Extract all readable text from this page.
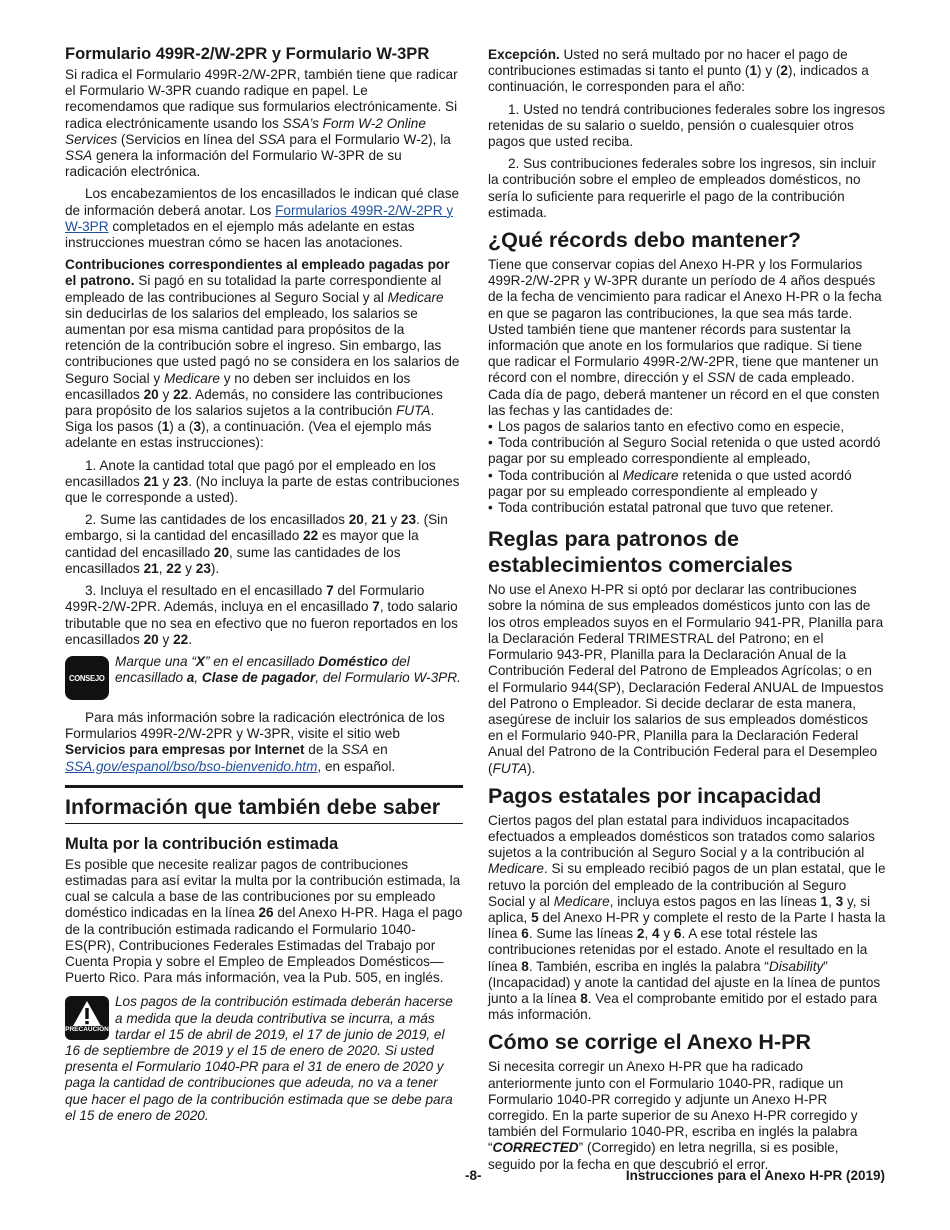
Formulario 499R-2/W-2PR y Formulario W-3PR

Si radica el Formulario 499R-2/W-2PR, también tiene que radicar el Formulario W-3PR cuando radique en papel. Le recomendamos que radique sus formularios electrónicamente. Si radica electrónicamente usando los SSA’s Form W-2 Online Services (Servicios en línea del SSA para el Formulario W-2), la SSA genera la información del Formulario W-3PR de su radicación electrónica.

Los encabezamientos de los encasillados le indican qué clase de información deberá anotar. Los Formularios 499R-2/W-2PR y W-3PR completados en el ejemplo más adelante en estas instrucciones muestran cómo se hacen las anotaciones.

Contribuciones correspondientes al empleado pagadas por el patrono. Si pagó en su totalidad la parte correspondiente al empleado de las contribuciones al Seguro Social y al Medicare sin deducirlas de los salarios del empleado, los salarios se aumentan por esa misma cantidad para propósitos de la retención de la contribución sobre el ingreso. Sin embargo, las contribuciones que usted pagó no se considera en los salarios de Seguro Social y Medicare y no deben ser incluidos en los encasillados 20 y 22. Además, no considere las contribuciones para propósito de los salarios sujetos a la contribución FUTA. Siga los pasos (1) a (3), a continuación. (Vea el ejemplo más adelante en estas instrucciones):

1. Anote la cantidad total que pagó por el empleado en los encasillados 21 y 23. (No incluya la parte de estas contribuciones que le corresponde a usted).

2. Sume las cantidades de los encasillados 20, 21 y 23. (Sin embargo, si la cantidad del encasillado 22 es mayor que la cantidad del encasillado 20, sume las cantidades de los encasillados 21, 22 y 23).

3. Incluya el resultado en el encasillado 7 del Formulario 499R-2/W-2PR. Además, incluya en el encasillado 7, todo salario tributable que no sea en efectivo que no fueron reportados en los encasillados 20 y 22.

CONSEJO
Marque una “X” en el encasillado Doméstico del encasillado a, Clase de pagador, del Formulario W-3PR.

Para más información sobre la radicación electrónica de los Formularios 499R-2/W-2PR y W-3PR, visite el sitio web Servicios para empresas por Internet de la SSA en SSA.gov/espanol/bso/bso-bienvenido.htm, en español.

Información que también debe saber
Multa por la contribución estimada

Es posible que necesite realizar pagos de contribuciones estimadas para así evitar la multa por la contribución estimada, la cual se calcula a base de las contribuciones por su empleado doméstico indicadas en la línea 26 del Anexo H-PR. Haga el pago de la contribución estimada radicando el Formulario 1040-ES(PR), Contribuciones Federales Estimadas del Trabajo por Cuenta Propia y sobre el Empleo de Empleados Domésticos—Puerto Rico. Para más información, vea la Pub. 505, en inglés.

PRECAUCIÓN
Los pagos de la contribución estimada deberán hacerse a medida que la deuda contributiva se incurra, a más tardar el 15 de abril de 2019, el 17 de junio de 2019, el 16 de septiembre de 2019 y el 15 de enero de 2020. Si usted presenta el Formulario 1040-PR para el 31 de enero de 2020 y paga la cantidad de contribuciones que adeuda, no va a tener que hacer el pago de la contribución estimada que se debe para el 15 de enero de 2020.

Excepción. Usted no será multado por no hacer el pago de contribuciones estimadas si tanto el punto (1) y (2), indicados a continuación, le corresponden para el año:

1. Usted no tendrá contribuciones federales sobre los ingresos retenidas de su salario o sueldo, pensión o cualesquier otros pagos que usted reciba.

2. Sus contribuciones federales sobre los ingresos, sin incluir la contribución sobre el empleo de empleados domésticos, no sería lo suficiente para requerirle el pago de la contribución estimada.

¿Qué récords debo mantener?

Tiene que conservar copias del Anexo H-PR y los Formularios 499R-2/W-2PR y W-3PR durante un período de 4 años después de la fecha de vencimiento para radicar el Anexo H-PR o la fecha en que se pagaron las contribuciones, la que sea más tarde. Usted también tiene que mantener récords para sustentar la información que anote en los formularios que radique. Si tiene que radicar el Formulario 499R-2/W-2PR, tiene que mantener un récord con el nombre, dirección y el SSN de cada empleado. Cada día de pago, deberá mantener un récord en el que consten las fechas y las cantidades de:

• Los pagos de salarios tanto en efectivo como en especie,
• Toda contribución al Seguro Social retenida o que usted acordó pagar por su empleado correspondiente al empleado,
• Toda contribución al Medicare retenida o que usted acordó pagar por su empleado correspondiente al empleado y
• Toda contribución estatal patronal que tuvo que retener.
Reglas para patronos de establecimientos comerciales

No use el Anexo H-PR si optó por declarar las contribuciones sobre la nómina de sus empleados domésticos junto con las de los otros empleados suyos en el Formulario 941-PR, Planilla para la Declaración Federal TRIMESTRAL del Patrono; en el Formulario 943-PR, Planilla para la Declaración Anual de la Contribución Federal del Patrono de Empleados Agrícolas; o en el Formulario 944(SP), Declaración Federal ANUAL de Impuestos del Patrono o Empleador. Si decide declarar de esta manera, asegúrese de incluir los salarios de sus empleados domésticos en el Formulario 940-PR, Planilla para la Declaración Federal Anual del Patrono de la Contribución Federal para el Desempleo (FUTA).

Pagos estatales por incapacidad

Ciertos pagos del plan estatal para individuos incapacitados efectuados a empleados domésticos son tratados como salarios sujetos a la contribución al Seguro Social y a la contribución al Medicare. Si su empleado recibió pagos de un plan estatal, que le retuvo la porción del empleado de la contribución al Seguro Social y al Medicare, incluya estos pagos en las líneas 1, 3 y, si aplica, 5 del Anexo H-PR y complete el resto de la Parte I hasta la línea 6. Sume las líneas 2, 4 y 6. A ese total réstele las contribuciones retenidas por el estado. Anote el resultado en la línea 8. También, escriba en inglés la palabra “Disability” (Incapacidad) y anote la cantidad del ajuste en la línea de puntos junto a la línea 8. Vea el comprobante emitido por el estado para más información.

Cómo se corrige el Anexo H-PR

Si necesita corregir un Anexo H-PR que ha radicado anteriormente junto con el Formulario 1040-PR, radique un Formulario 1040-PR corregido y adjunte un Anexo H-PR corregido. En la parte superior de su Anexo H-PR corregido y también del Formulario 1040-PR, escriba en inglés la palabra “CORRECTED” (Corregido) en letra negrilla, si es posible, seguido por la fecha en que descubrió el error.

-8-	Instrucciones para el Anexo H-PR (2019)
